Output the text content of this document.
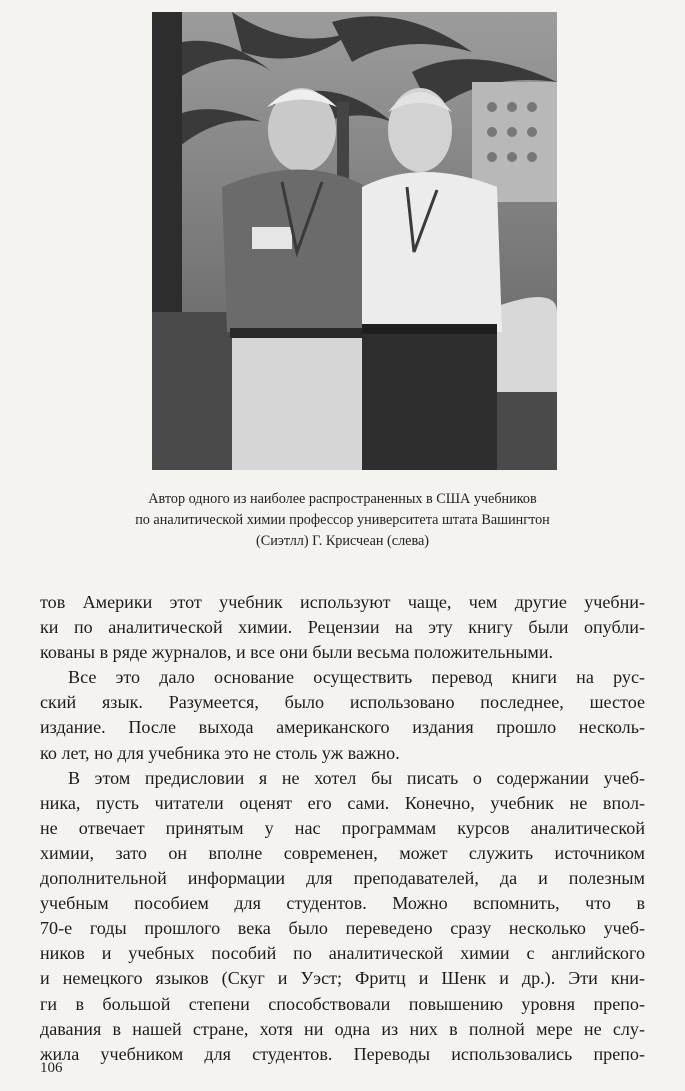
Автор одного из наиболее распространенных в США учебников
по аналитической химии профессор университета штата Вашингтон
(Сиэтлл) Г. Крисчеан (слева)
тов Америки этот учебник используют чаще, чем другие учебни-
ки по аналитической химии. Рецензии на эту книгу были опубли-
кованы в ряде журналов, и все они были весьма положительными.
Все это дало основание осуществить перевод книги на рус-
ский язык. Разумеется, было использовано последнее, шестое
издание. После выхода американского издания прошло несколь-
ко лет, но для учебника это не столь уж важно.
В этом предисловии я не хотел бы писать о содержании учеб-
ника, пусть читатели оценят его сами. Конечно, учебник не впол-
не отвечает принятым у нас программам курсов аналитической
химии, зато он вполне современен, может служить источником
дополнительной информации для преподавателей, да и полезным
учебным пособием для студентов. Можно вспомнить, что в
70-е годы прошлого века было переведено сразу несколько учеб-
ников и учебных пособий по аналитической химии с английского
и немецкого языков (Скуг и Уэст; Фритц и Шенк и др.). Эти кни-
ги в большой степени способствовали повышению уровня препо-
давания в нашей стране, хотя ни одна из них в полной мере не слу-
жила учебником для студентов. Переводы использовались препо-
106
